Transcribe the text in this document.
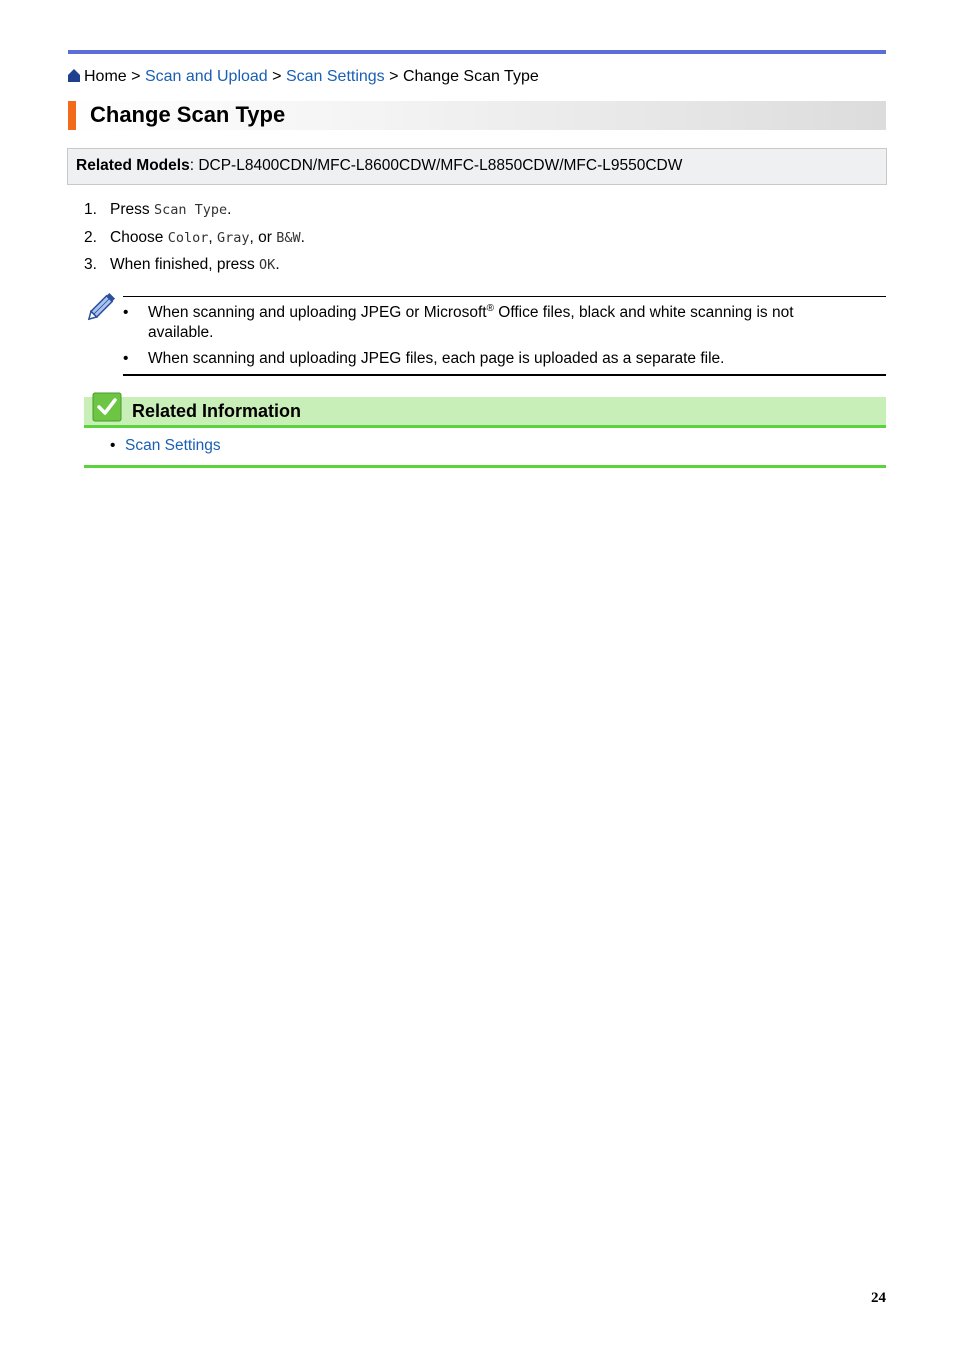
Home > Scan and Upload > Scan Settings > Change Scan Type
Change Scan Type
Related Models: DCP-L8400CDN/MFC-L8600CDW/MFC-L8850CDW/MFC-L9550CDW
1. Press Scan Type.
2. Choose Color, Gray, or B&W.
3. When finished, press OK.
• When scanning and uploading JPEG or Microsoft® Office files, black and white scanning is not available.
• When scanning and uploading JPEG files, each page is uploaded as a separate file.
Related Information
• Scan Settings
24
